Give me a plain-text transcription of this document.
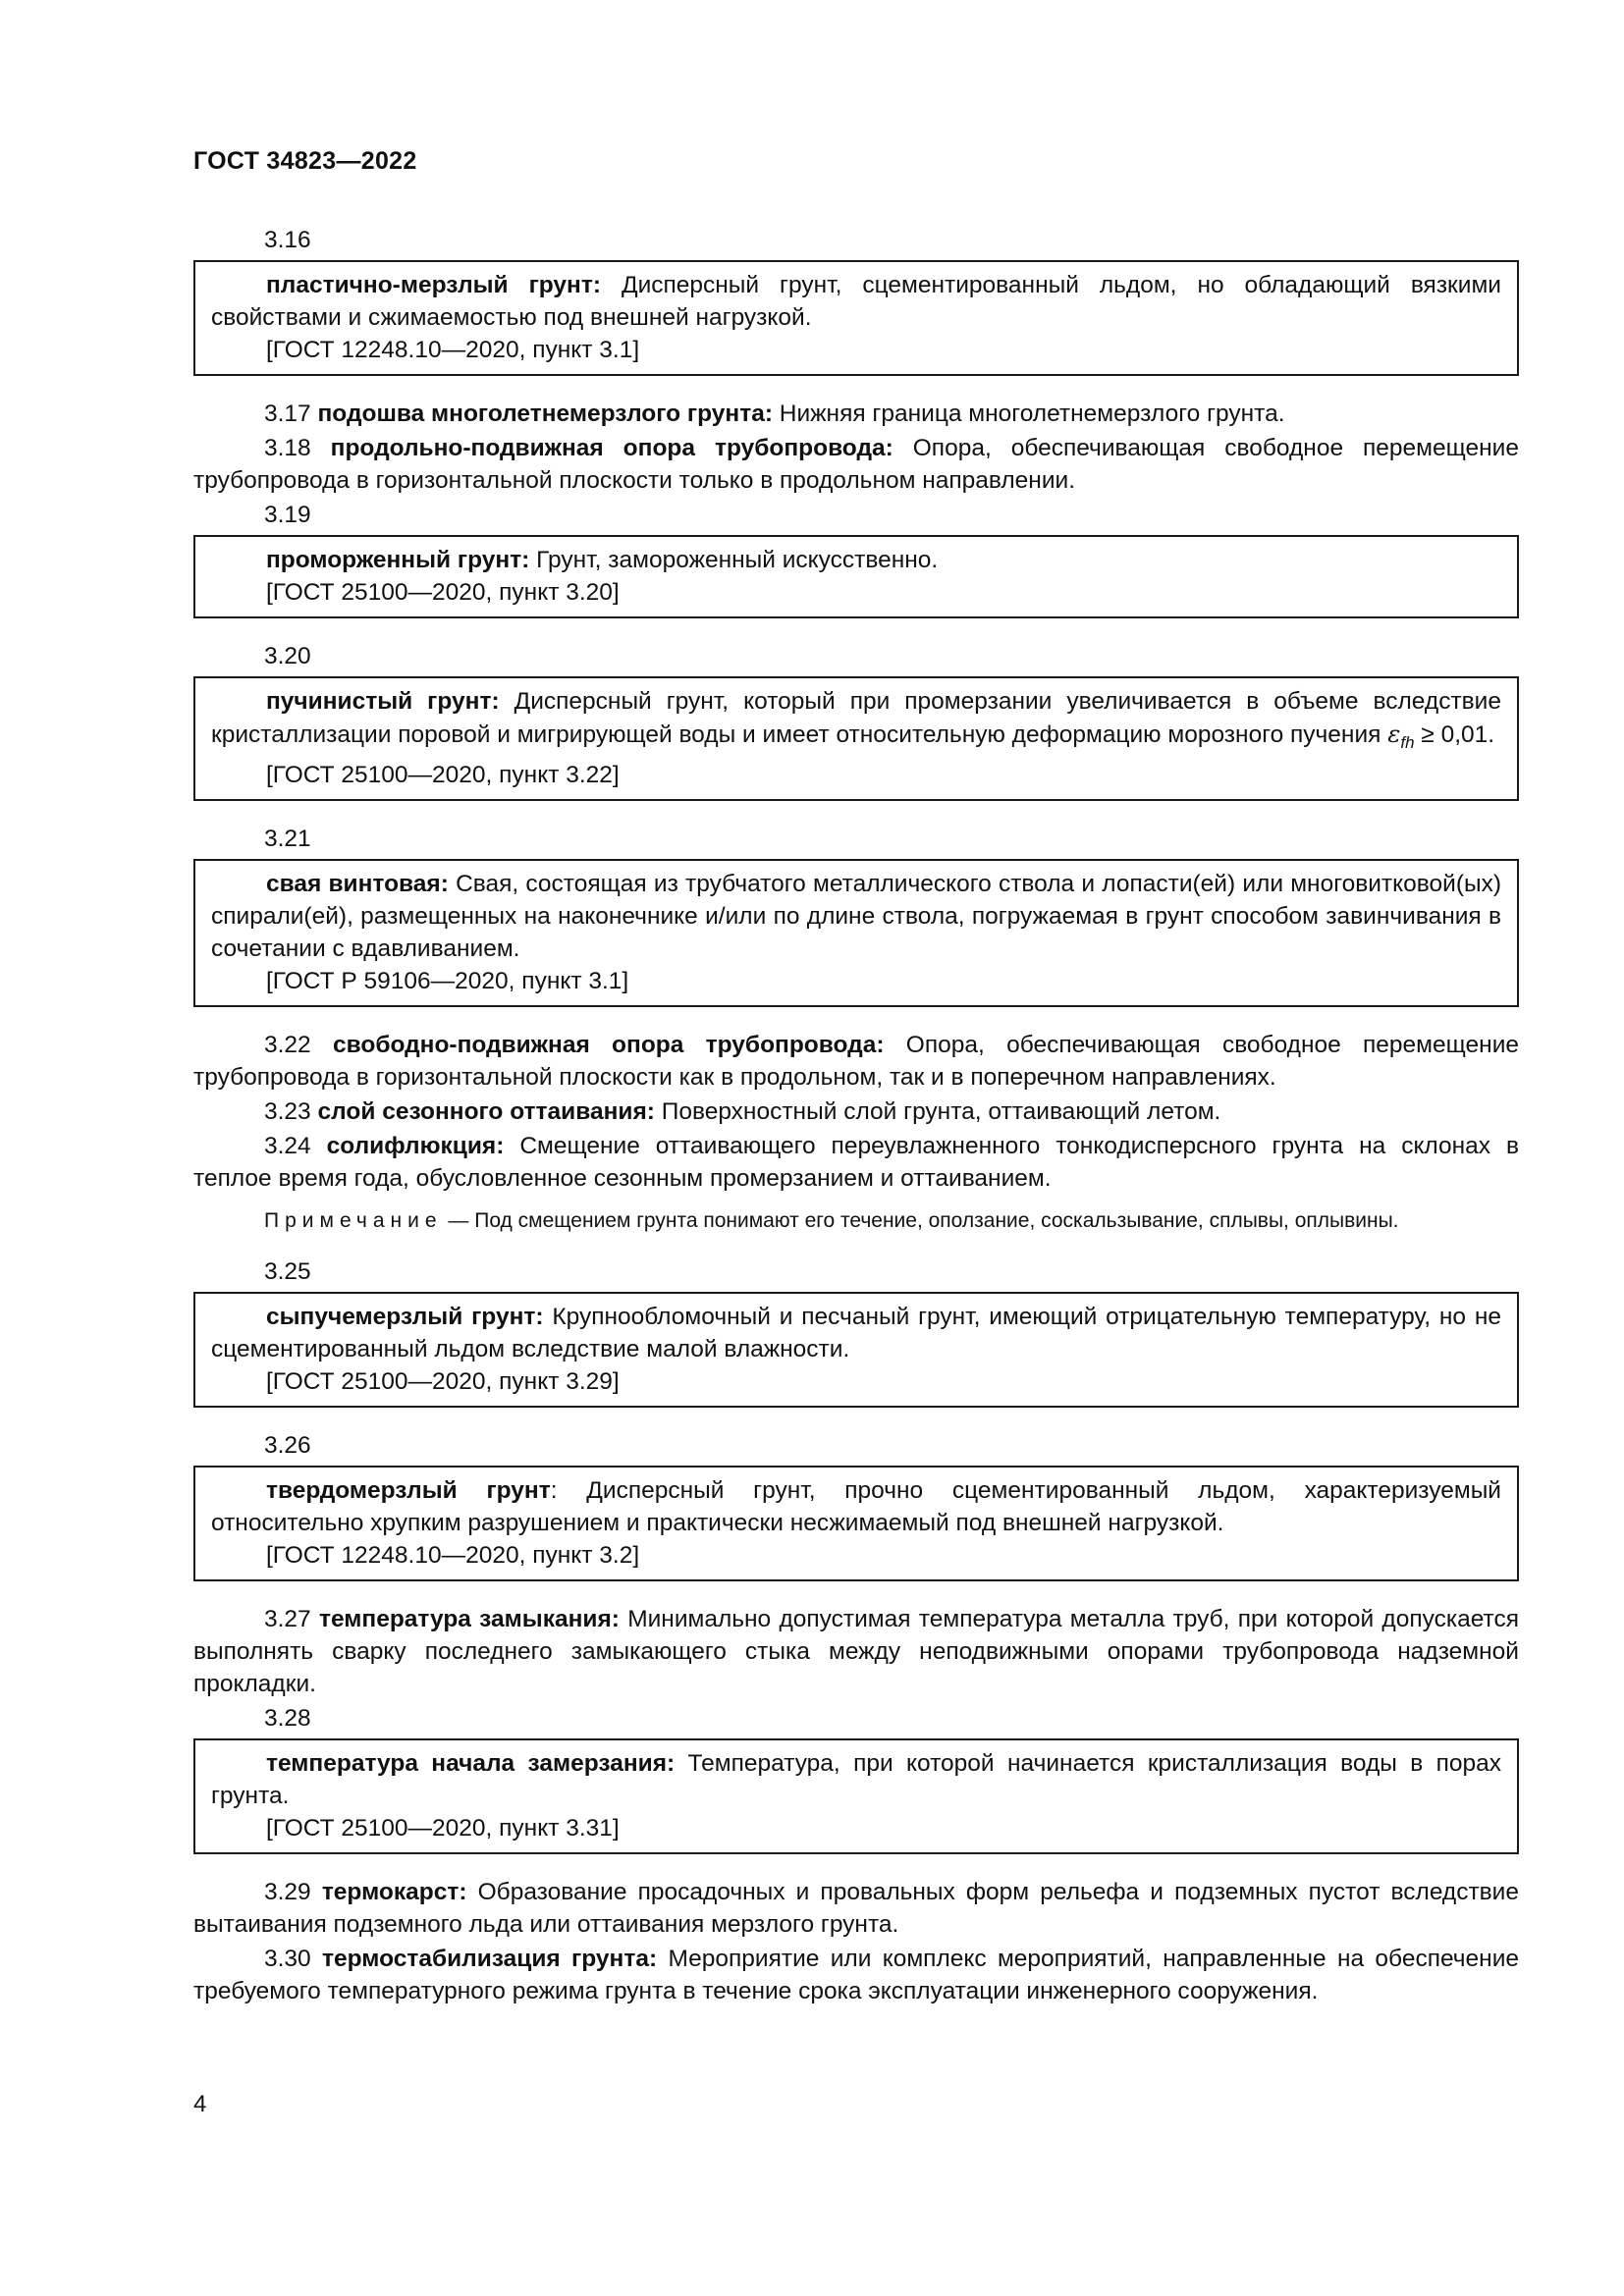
ГОСТ 34823—2022
3.16

пластично-мерзлый грунт: Дисперсный грунт, сцементированный льдом, но обладающий вязкими свойствами и сжимаемостью под внешней нагрузкой.

[ГОСТ 12248.10—2020, пункт 3.1]

3.17 подошва многолетнемерзлого грунта: Нижняя граница многолетнемерзлого грунта.

3.18 продольно-подвижная опора трубопровода: Опора, обеспечивающая свободное перемещение трубопровода в горизонтальной плоскости только в продольном направлении.

3.19

проморженный грунт: Грунт, замороженный искусственно.

[ГОСТ 25100—2020, пункт 3.20]

3.20

пучинистый грунт: Дисперсный грунт, который при промерзании увеличивается в объеме вследствие кристаллизации поровой и мигрирующей воды и имеет относительную деформацию морозного пучения $\varepsilon_{fh} \ge 0,01$.

[ГОСТ 25100—2020, пункт 3.22]

3.21

свая винтовая: Свая, состоящая из трубчатого металлического ствола и лопасти(ей) или многовитковой(ых) спирали(ей), размещенных на наконечнике и/или по длине ствола, погружаемая в грунт способом завинчивания в сочетании с вдавливанием.

[ГОСТ Р 59106—2020, пункт 3.1]

3.22 свободно-подвижная опора трубопровода: Опора, обеспечивающая свободное перемещение трубопровода в горизонтальной плоскости как в продольном, так и в поперечном направлениях.

3.23 слой сезонного оттаивания: Поверхностный слой грунта, оттаивающий летом.

3.24 солифлюкция: Смещение оттаивающего переувлажненного тонкодисперсного грунта на склонах в теплое время года, обусловленное сезонным промерзанием и оттаиванием.

Примечание — Под смещением грунта понимают его течение, оползание, соскальзывание, сплывы, оплывины.

3.25

сыпучемерзлый грунт: Крупнообломочный и песчаный грунт, имеющий отрицательную температуру, но не сцементированный льдом вследствие малой влажности.

[ГОСТ 25100—2020, пункт 3.29]

3.26

твердомерзлый грунт: Дисперсный грунт, прочно сцементированный льдом, характеризуемый относительно хрупким разрушением и практически несжимаемый под внешней нагрузкой.

[ГОСТ 12248.10—2020, пункт 3.2]

3.27 температура замыкания: Минимально допустимая температура металла труб, при которой допускается выполнять сварку последнего замыкающего стыка между неподвижными опорами трубопровода надземной прокладки.

3.28

температура начала замерзания: Температура, при которой начинается кристаллизация воды в порах грунта.

[ГОСТ 25100—2020, пункт 3.31]

3.29 термокарст: Образование просадочных и провальных форм рельефа и подземных пустот вследствие вытаивания подземного льда или оттаивания мерзлого грунта.

3.30 термостабилизация грунта: Мероприятие или комплекс мероприятий, направленные на обеспечение требуемого температурного режима грунта в течение срока эксплуатации инженерного сооружения.

4
